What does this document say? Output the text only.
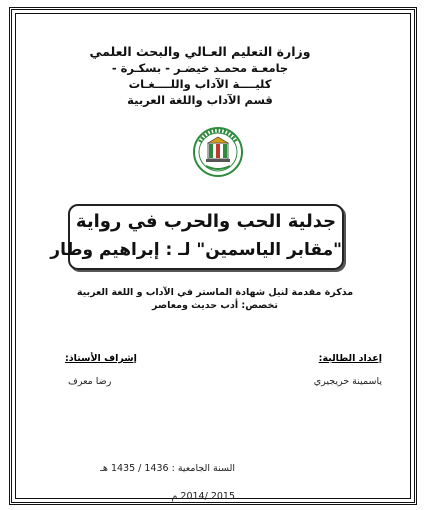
وزارة التعليم العـالي والبحث العلمي
جامعـة محمـد خيضـر - بسكـرة -
كليــــة الآداب واللــــغـات
قسم الآداب واللغة العربية
جدلية الحب والحرب في رواية
"مقابر الياسمين" لـ : إبراهيم وطار
مذكرة مقدمة لنيل شهادة الماستر في الآداب و اللغة العربية
تخصص: أدب حديث ومعاصر
إعداد الطالبة:
إشراف الأستاذ:
ياسمينة حريجيري
رضا معرف
السنة الجامعية : 1435 / 1436 هـ
2014/ 2015 م
